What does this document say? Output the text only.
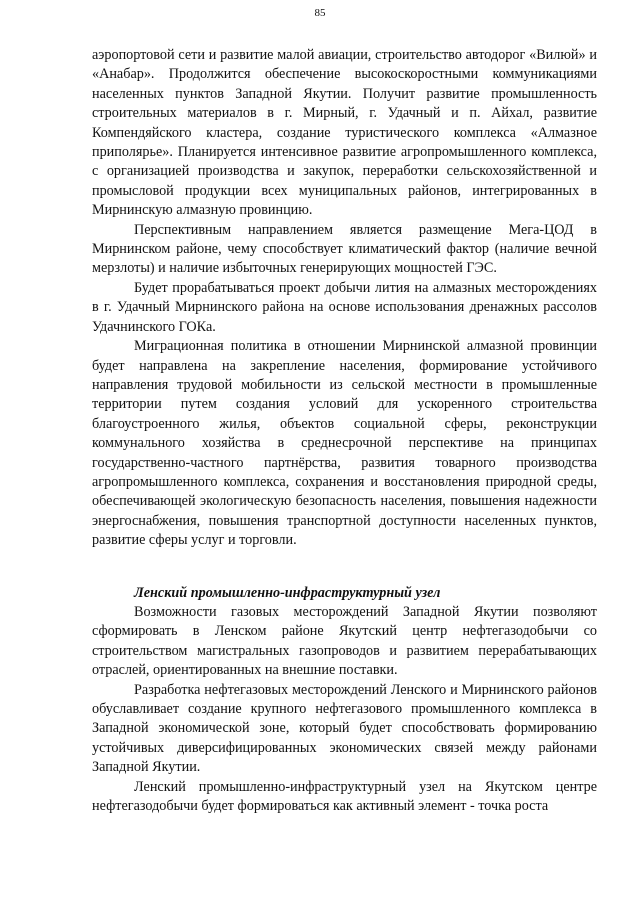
85

аэропортовой сети и развитие малой авиации, строительство автодорог «Вилюй» и «Анабар». Продолжится обеспечение высокоскоростными коммуникациями населенных пунктов Западной Якутии. Получит развитие промышленность строительных материалов в г. Мирный, г. Удачный и п. Айхал, развитие Компендяйского кластера, создание туристического комплекса «Алмазное приполярье». Планируется интенсивное развитие агропромышленного комплекса, с организацией производства и закупок, переработки сельскохозяйственной и промысловой продукции всех муниципальных районов, интегрированных в Мирнинскую алмазную провинцию.

Перспективным направлением является размещение Мега-ЦОД в Мирнинском районе, чему способствует климатический фактор (наличие вечной мерзлоты) и наличие избыточных генерирующих мощностей ГЭС.

Будет прорабатываться проект добычи лития на алмазных месторождениях в г. Удачный Мирнинского района на основе использования дренажных рассолов Удачнинского ГОКа.

Миграционная политика в отношении Мирнинской алмазной провинции будет направлена на закрепление населения, формирование устойчивого направления трудовой мобильности из сельской местности в промышленные территории путем создания условий для ускоренного строительства благоустроенного жилья, объектов социальной сферы, реконструкции коммунального хозяйства в среднесрочной перспективе на принципах государственно-частного партнёрства, развития товарного производства агропромышленного комплекса, сохранения и восстановления природной среды, обеспечивающей экологическую безопасность населения, повышения надежности энергоснабжения, повышения транспортной доступности населенных пунктов, развитие сферы услуг и торговли.

Ленский промышленно-инфраструктурный узел

Возможности газовых месторождений Западной Якутии позволяют сформировать в Ленском районе Якутский центр нефтегазодобычи со строительством магистральных газопроводов и развитием перерабатывающих отраслей, ориентированных на внешние поставки.

Разработка нефтегазовых месторождений Ленского и Мирнинского районов обуславливает создание крупного нефтегазового промышленного комплекса в Западной экономической зоне, который будет способствовать формированию устойчивых диверсифицированных экономических связей между районами Западной Якутии.

Ленский промышленно-инфраструктурный узел на Якутском центре нефтегазодобычи будет формироваться как активный элемент - точка роста
